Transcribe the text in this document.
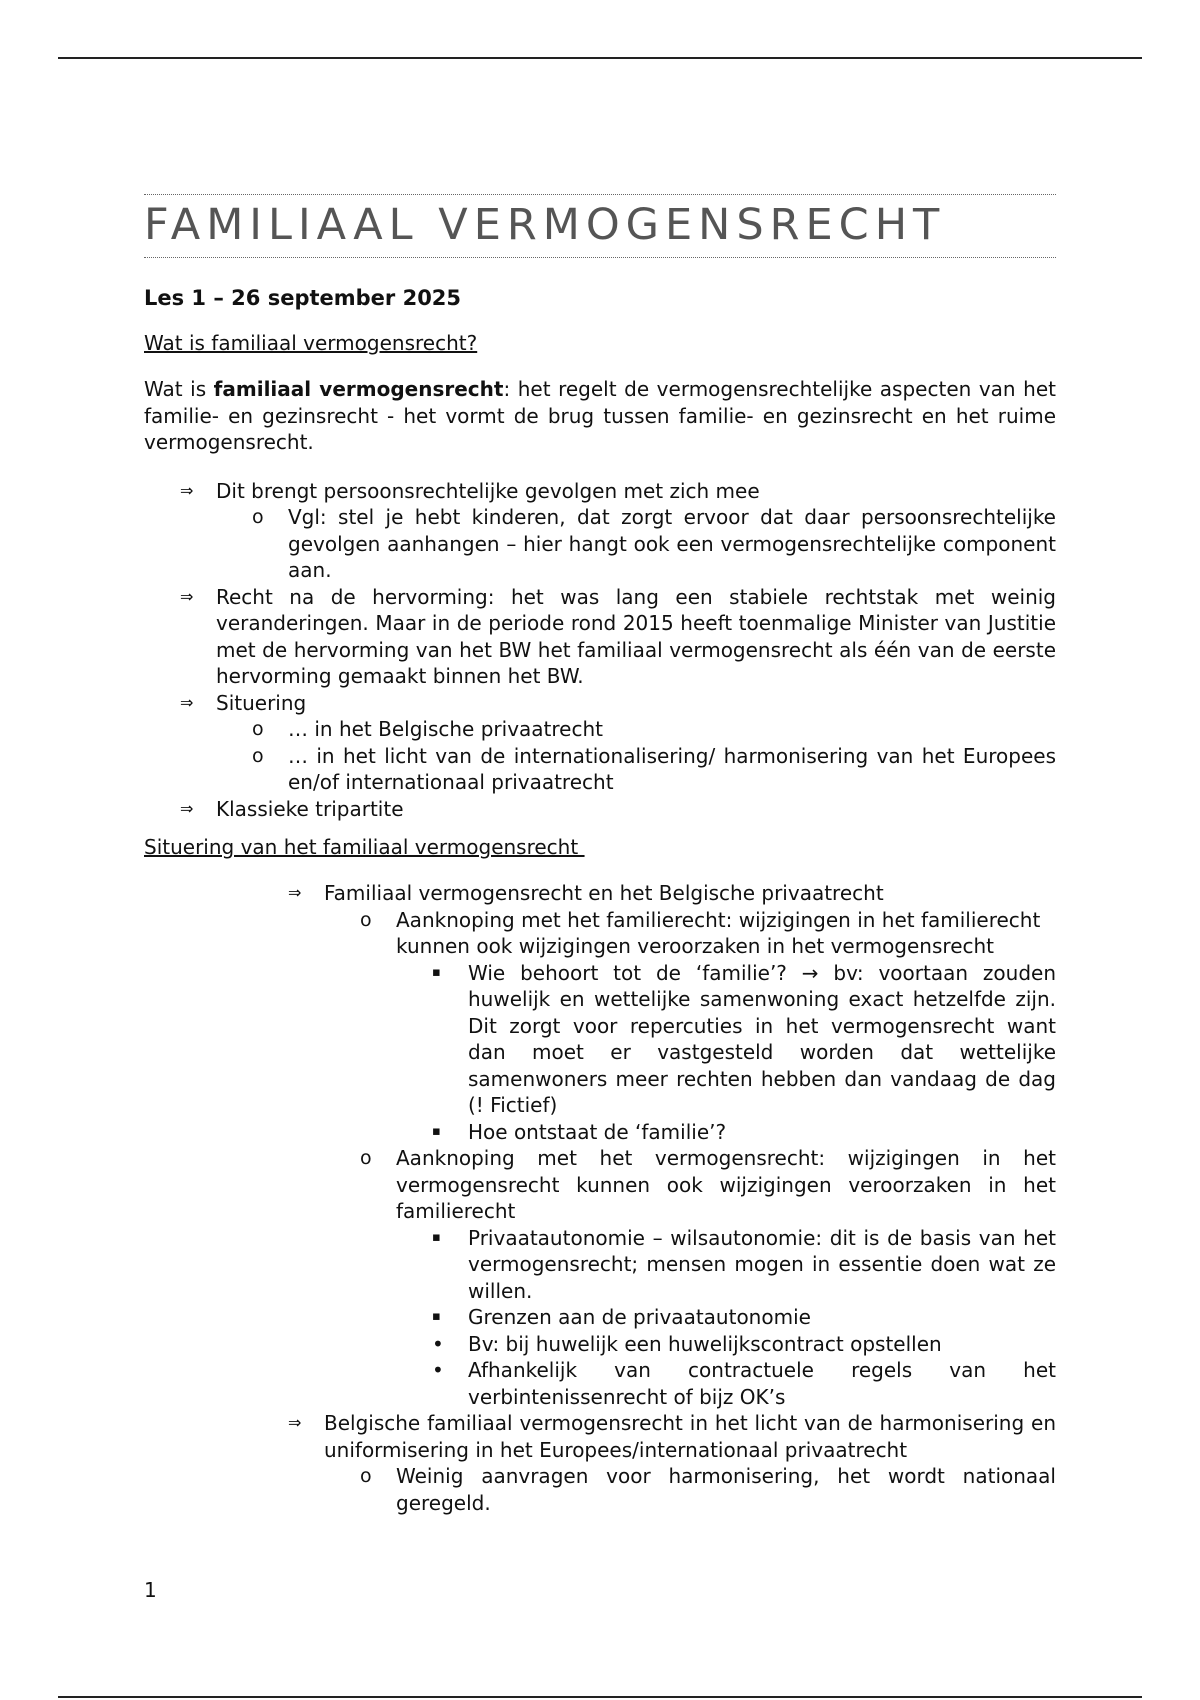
FAMILIAAL VERMOGENSRECHT
Les 1 – 26 september 2025
Wat is familiaal vermogensrecht?

Wat is familiaal vermogensrecht: het regelt de vermogensrechtelijke aspecten van het familie- en gezinsrecht - het vormt de brug tussen familie- en gezinsrecht en het ruime vermogensrecht.

⇒ Dit brengt persoonsrechtelijke gevolgen met zich mee
o Vgl: stel je hebt kinderen, dat zorgt ervoor dat daar persoonsrechtelijke gevolgen aanhangen – hier hangt ook een vermogensrechtelijke component aan.
⇒ Recht na de hervorming: het was lang een stabiele rechtstak met weinig veranderingen. Maar in de periode rond 2015 heeft toenmalige Minister van Justitie met de hervorming van het BW het familiaal vermogensrecht als één van de eerste hervorming gemaakt binnen het BW.
⇒ Situering
o … in het Belgische privaatrecht
o … in het licht van de internationalisering/ harmonisering van het Europees en/of internationaal privaatrecht
⇒ Klassieke tripartite
Situering van het familiaal vermogensrecht
⇒ Familiaal vermogensrecht en het Belgische privaatrecht
o Aanknoping met het familierecht: wijzigingen in het familierecht kunnen ook wijzigingen veroorzaken in het vermogensrecht
▪ Wie behoort tot de ‘familie’? → bv: voortaan zouden huwelijk en wettelijke samenwoning exact hetzelfde zijn. Dit zorgt voor repercuties in het vermogensrecht want dan moet er vastgesteld worden dat wettelijke samenwoners meer rechten hebben dan vandaag de dag (! Fictief)
▪ Hoe ontstaat de ‘familie’?
o Aanknoping met het vermogensrecht: wijzigingen in het vermogensrecht kunnen ook wijzigingen veroorzaken in het familierecht
▪ Privaatautonomie – wilsautonomie: dit is de basis van het vermogensrecht; mensen mogen in essentie doen wat ze willen.
▪ Grenzen aan de privaatautonomie
• Bv: bij huwelijk een huwelijkscontract opstellen
• Afhankelijk van contractuele regels van het verbintenissenrecht of bijz OK’s
⇒ Belgische familiaal vermogensrecht in het licht van de harmonisering en uniformisering in het Europees/internationaal privaatrecht
o Weinig aanvragen voor harmonisering, het wordt nationaal geregeld.
1
